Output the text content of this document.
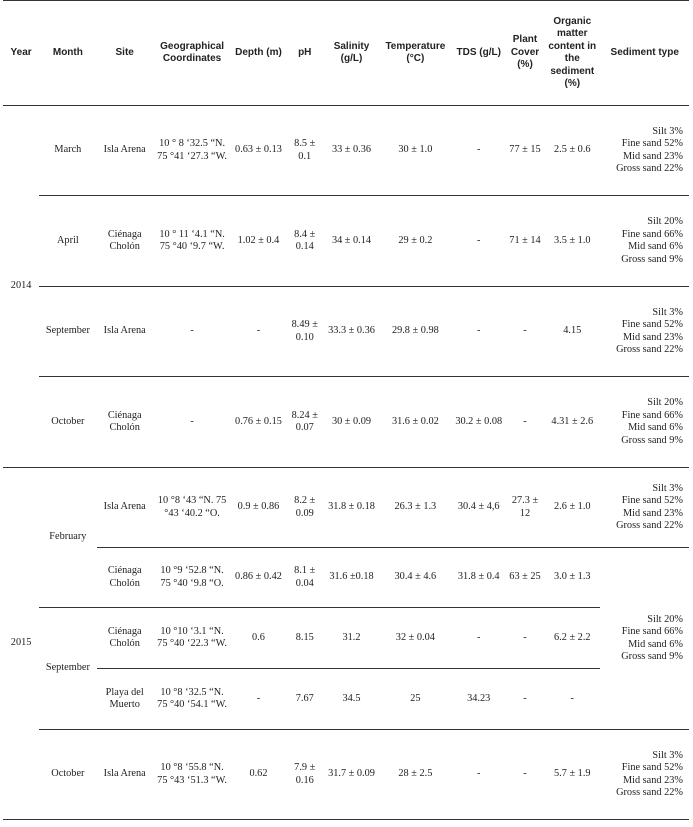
Year	Month	Site	Geographical Coordinates	Depth (m)	pH	Salinity (g/L)	Temperature (°C)	TDS (g/L)	Plant Cover (%)	Organic matter content in the sediment (%)	Sediment type
2014	March	Isla Arena	10 ° 8 ‘32.5 “N. 75 °41 ‘27.3 “W.	0.63 ± 0.13	8.5 ± 0.1	33 ± 0.36	30 ± 1.0	-	77 ± 15	2.5 ± 0.6	Silt 3%
Fine sand 52%
Mid sand 23%
Gross sand 22%

	April	Ciénaga Cholón	10 ° 11 ‘4.1 “N. 75 °40 ‘9.7 “W.	1.02 ± 0.4	8.4 ± 0.14	34 ± 0.14	29 ± 0.2	-	71 ± 14	3.5 ± 1.0	Silt 20%
Fine sand 66%
Mid sand 6%
Gross sand 9%

	September	Isla Arena	-	-	8.49 ± 0.10	33.3 ± 0.36	29.8 ± 0.98	-	-	4.15	Silt 3%
Fine sand 52%
Mid sand 23%
Gross sand 22%

	October	Ciénaga Cholón	-	0.76 ± 0.15	8.24 ± 0.07	30 ± 0.09	31.6 ± 0.02	30.2 ± 0.08	-	4.31 ± 2.6	Silt 20%
Fine sand 66%
Mid sand 6%
Gross sand 9%

2015	February	Isla Arena	10 °8 ‘43 “N. 75 °43 ‘40.2 “O.	0.9 ± 0.86	8.2 ± 0.09	31.8 ± 0.18	26.3 ± 1.3	30.4 ± 4,6	27.3 ± 12	2.6 ± 1.0	Silt 3%
Fine sand 52%
Mid sand 23%
Gross sand 22%

		Ciénaga Cholón	10 °9 ‘52.8 “N. 75 °40 ‘9.8 “O.	0.86 ± 0.42	8.1 ± 0.04	31.6 ±0.18	30.4 ± 4.6	31.8 ± 0.4	63 ± 25	3.0 ± 1.3	Silt 20%
Fine sand 66%
Mid sand 6%
Gross sand 9%

	September	Ciénaga Cholón	10 °10 ‘3.1 “N. 75 °40 ‘22.3 “W.	0.6	8.15	31.2	32 ± 0.04	-	-	6.2 ± 2.2	
		Playa del Muerto	10 °8 ‘32.5 “N. 75 °40 ‘54.1 “W.	-	7.67	34.5	25	34.23	-	-	
	October	Isla Arena	10 °8 ‘55.8 “N. 75 °43 ‘51.3 “W.	0.62	7.9 ± 0.16	31.7 ± 0.09	28 ± 2.5	-	-	5.7 ± 1.9	Silt 3%
Fine sand 52%
Mid sand 23%
Gross sand 22%
